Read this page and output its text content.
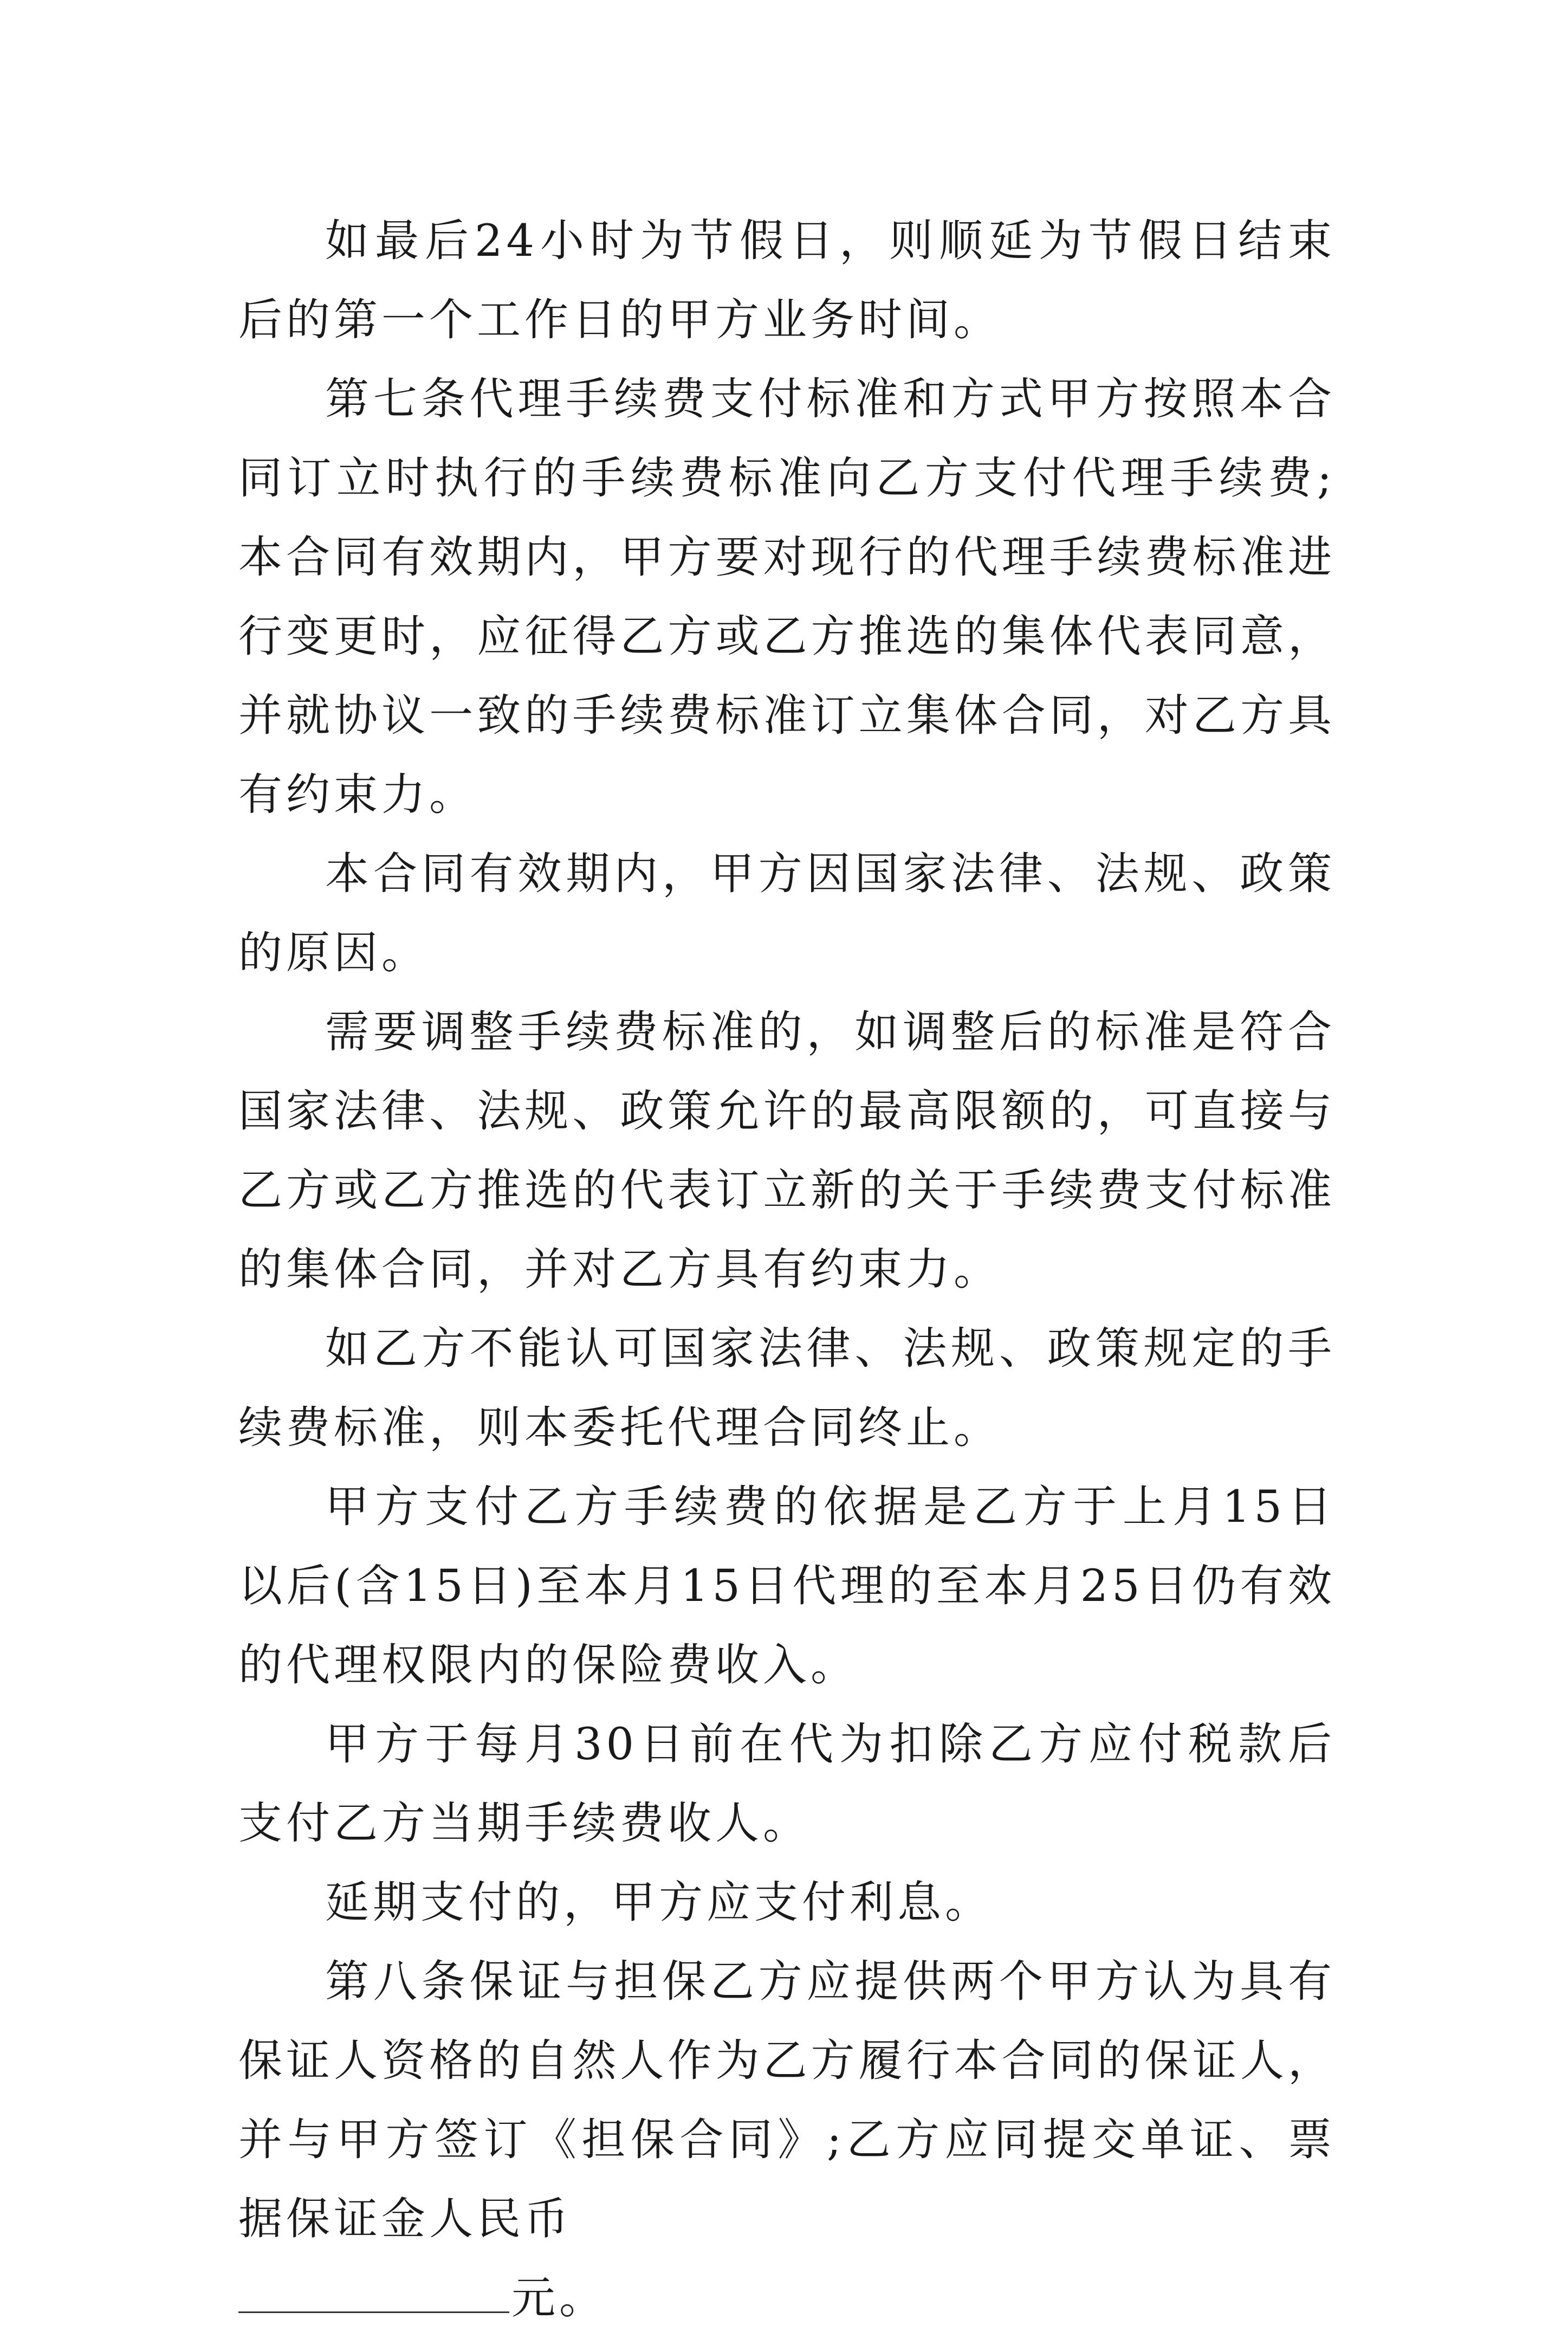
如最后24小时为节假日，则顺延为节假日结束后的第一个工作日的甲方业务时间。

第七条代理手续费支付标准和方式甲方按照本合同订立时执行的手续费标准向乙方支付代理手续费;本合同有效期内，甲方要对现行的代理手续费标准进行变更时，应征得乙方或乙方推选的集体代表同意，并就协议一致的手续费标准订立集体合同，对乙方具有约束力。

本合同有效期内，甲方因国家法律、法规、政策的原因。

需要调整手续费标准的，如调整后的标准是符合国家法律、法规、政策允许的最高限额的，可直接与乙方或乙方推选的代表订立新的关于手续费支付标准的集体合同，并对乙方具有约束力。

如乙方不能认可国家法律、法规、政策规定的手续费标准，则本委托代理合同终止。

甲方支付乙方手续费的依据是乙方于上月15日以后(含15日)至本月15日代理的至本月25日仍有效的代理权限内的保险费收入。

甲方于每月30日前在代为扣除乙方应付税款后支付乙方当期手续费收人。

延期支付的，甲方应支付利息。

第八条保证与担保乙方应提供两个甲方认为具有保证人资格的自然人作为乙方履行本合同的保证人，并与甲方签订《担保合同》;乙方应同提交单证、票据保证金人民币

元。
